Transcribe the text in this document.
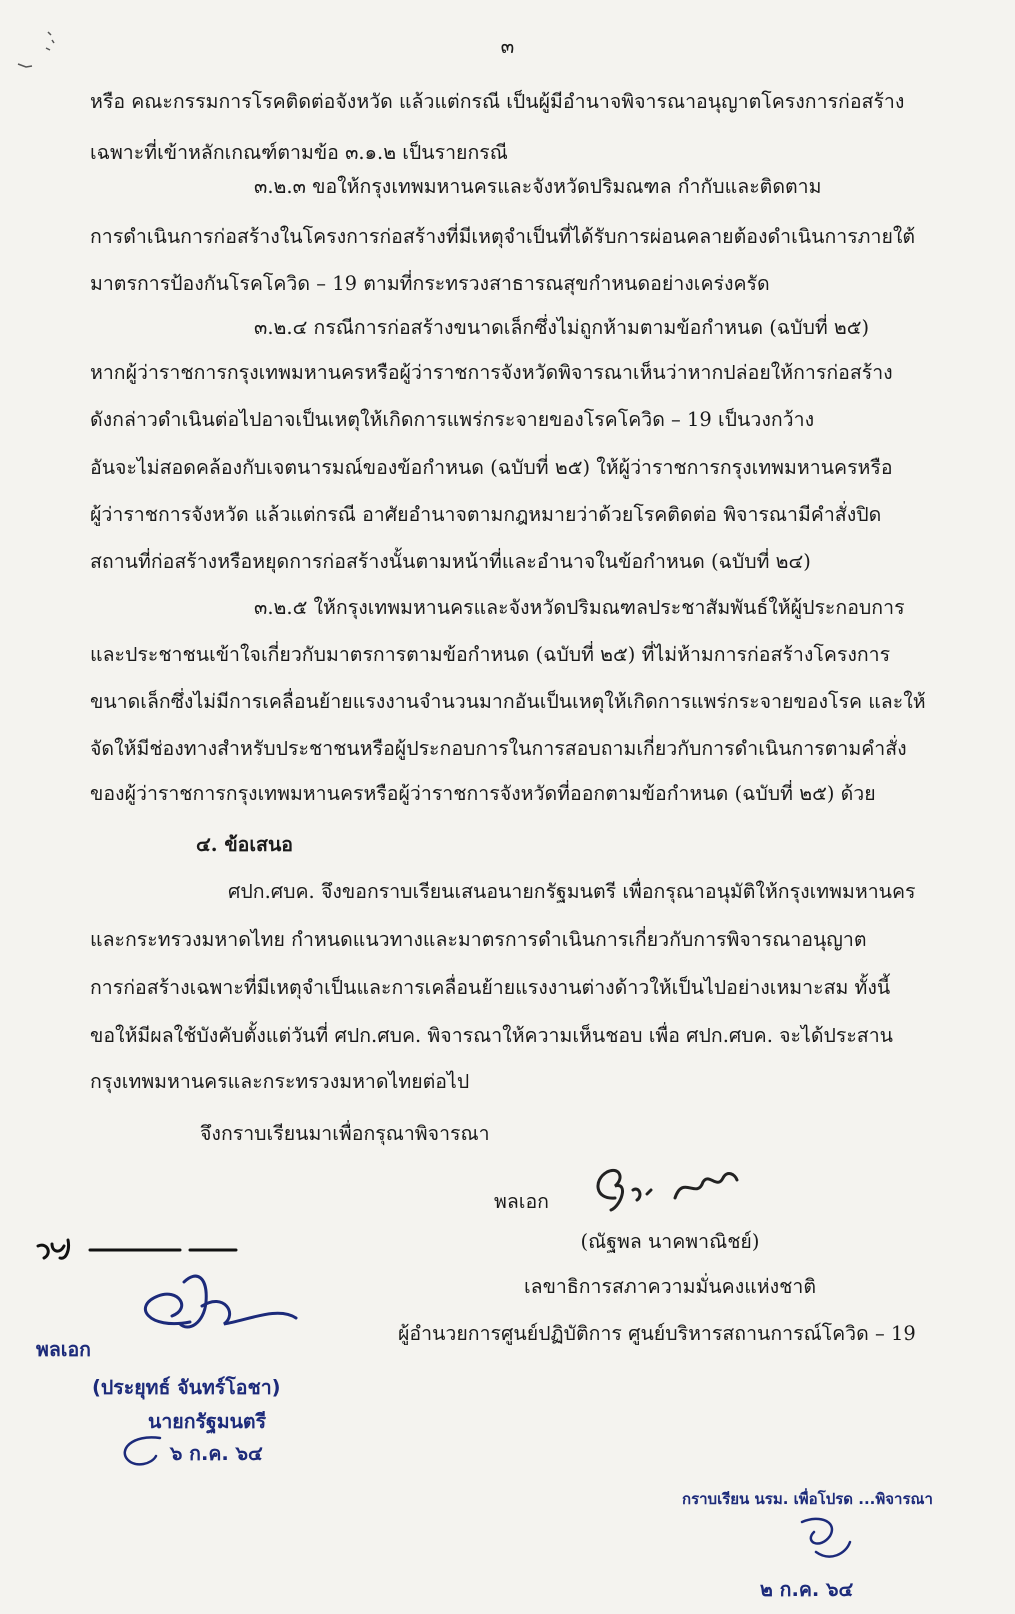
๓
หรือ คณะกรรมการโรคติดต่อจังหวัด แล้วแต่กรณี เป็นผู้มีอำนาจพิจารณาอนุญาตโครงการก่อสร้าง
เฉพาะที่เข้าหลักเกณฑ์ตามข้อ ๓.๑.๒ เป็นรายกรณี
๓.๒.๓ ขอให้กรุงเทพมหานครและจังหวัดปริมณฑล กำกับและติดตาม
การดำเนินการก่อสร้างในโครงการก่อสร้างที่มีเหตุจำเป็นที่ได้รับการผ่อนคลายต้องดำเนินการภายใต้
มาตรการป้องกันโรคโควิด – 19 ตามที่กระทรวงสาธารณสุขกำหนดอย่างเคร่งครัด
๓.๒.๔ กรณีการก่อสร้างขนาดเล็กซึ่งไม่ถูกห้ามตามข้อกำหนด (ฉบับที่ ๒๕)
หากผู้ว่าราชการกรุงเทพมหานครหรือผู้ว่าราชการจังหวัดพิจารณาเห็นว่าหากปล่อยให้การก่อสร้าง
ดังกล่าวดำเนินต่อไปอาจเป็นเหตุให้เกิดการแพร่กระจายของโรคโควิด – 19 เป็นวงกว้าง
อันจะไม่สอดคล้องกับเจตนารมณ์ของข้อกำหนด (ฉบับที่ ๒๕) ให้ผู้ว่าราชการกรุงเทพมหานครหรือ
ผู้ว่าราชการจังหวัด แล้วแต่กรณี อาศัยอำนาจตามกฎหมายว่าด้วยโรคติดต่อ พิจารณามีคำสั่งปิด
สถานที่ก่อสร้างหรือหยุดการก่อสร้างนั้นตามหน้าที่และอำนาจในข้อกำหนด (ฉบับที่ ๒๔)
๓.๒.๕ ให้กรุงเทพมหานครและจังหวัดปริมณฑลประชาสัมพันธ์ให้ผู้ประกอบการ
และประชาชนเข้าใจเกี่ยวกับมาตรการตามข้อกำหนด (ฉบับที่ ๒๕) ที่ไม่ห้ามการก่อสร้างโครงการ
ขนาดเล็กซึ่งไม่มีการเคลื่อนย้ายแรงงานจำนวนมากอันเป็นเหตุให้เกิดการแพร่กระจายของโรค และให้
จัดให้มีช่องทางสำหรับประชาชนหรือผู้ประกอบการในการสอบถามเกี่ยวกับการดำเนินการตามคำสั่ง
ของผู้ว่าราชการกรุงเทพมหานครหรือผู้ว่าราชการจังหวัดที่ออกตามข้อกำหนด (ฉบับที่ ๒๕) ด้วย
๔. ข้อเสนอ
ศปก.ศบค. จึงขอกราบเรียนเสนอนายกรัฐมนตรี เพื่อกรุณาอนุมัติให้กรุงเทพมหานคร
และกระทรวงมหาดไทย กำหนดแนวทางและมาตรการดำเนินการเกี่ยวกับการพิจารณาอนุญาต
การก่อสร้างเฉพาะที่มีเหตุจำเป็นและการเคลื่อนย้ายแรงงานต่างด้าวให้เป็นไปอย่างเหมาะสม ทั้งนี้
ขอให้มีผลใช้บังคับตั้งแต่วันที่ ศปก.ศบค. พิจารณาให้ความเห็นชอบ เพื่อ ศปก.ศบค. จะได้ประสาน
กรุงเทพมหานครและกระทรวงมหาดไทยต่อไป
จึงกราบเรียนมาเพื่อกรุณาพิจารณา
พลเอก
(ณัฐพล นาคพาณิชย์)
เลขาธิการสภาความมั่นคงแห่งชาติ
ผู้อำนวยการศูนย์ปฏิบัติการ ศูนย์บริหารสถานการณ์โควิด – 19
พลเอก
(ประยุทธ์ จันทร์โอชา)
นายกรัฐมนตรี
๖ ก.ค. ๖๔
กราบเรียน นรม. เพื่อโปรด ...พิจารณา
๒ ก.ค. ๖๔
